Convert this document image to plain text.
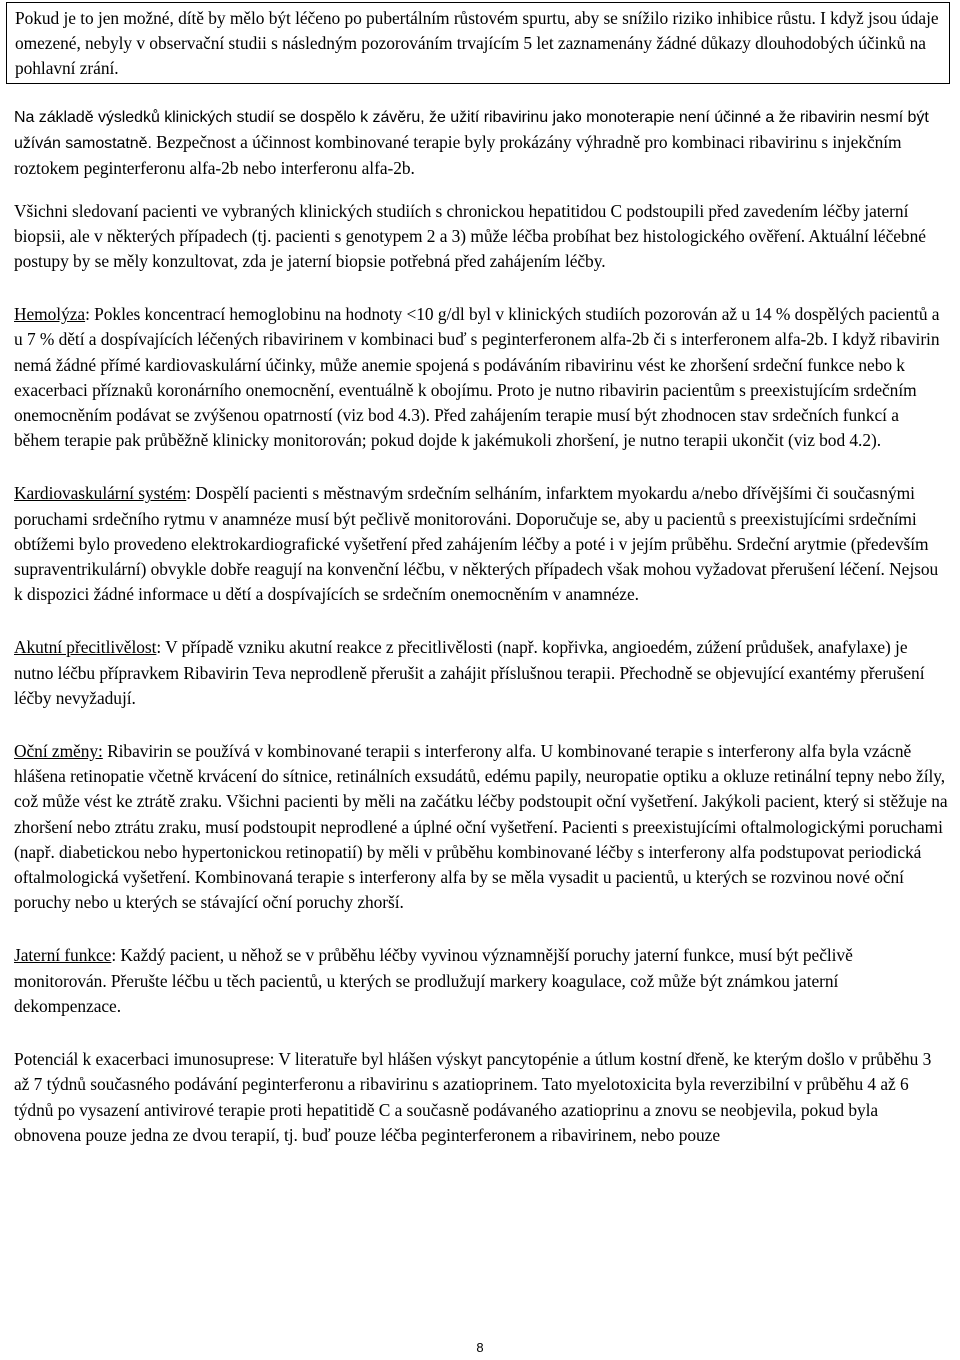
Pokud je to jen možné, dítě by mělo být léčeno po pubertálním růstovém spurtu, aby se snížilo riziko inhibice růstu. I když jsou údaje omezené, nebyly v observační studii s následným pozorováním trvajícím 5 let zaznamenány žádné důkazy dlouhodobých účinků na pohlavní zrání.

Na základě výsledků klinických studií se dospělo k závěru, že užití ribavirinu jako monoterapie není účinné a že ribavirin nesmí být užíván samostatně. Bezpečnost a účinnost kombinované terapie byly prokázány výhradně pro kombinaci ribavirinu s injekčním roztokem peginterferonu alfa-2b nebo interferonu alfa-2b.

Všichni sledovaní pacienti ve vybraných klinických studiích s chronickou hepatitidou C podstoupili před zavedením léčby jaterní biopsii, ale v některých případech (tj. pacienti s genotypem 2 a 3) může léčba probíhat bez histologického ověření. Aktuální léčebné postupy by se měly konzultovat, zda je jaterní biopsie potřebná před zahájením léčby.

Hemolýza: Pokles koncentrací hemoglobinu na hodnoty <10 g/dl byl v klinických studiích pozorován až u 14 % dospělých pacientů a u 7 % dětí a dospívajících léčených ribavirinem v kombinaci buď s peginterferonem alfa-2b či s interferonem alfa-2b. I když ribavirin nemá žádné přímé kardiovaskulární účinky, může anemie spojená s podáváním ribavirinu vést ke zhoršení srdeční funkce nebo k exacerbaci příznaků koronárního onemocnění, eventuálně k obojímu. Proto je nutno ribavirin pacientům s preexistujícím srdečním onemocněním podávat se zvýšenou opatrností (viz bod 4.3). Před zahájením terapie musí být zhodnocen stav srdečních funkcí a během terapie pak průběžně klinicky monitorován; pokud dojde k jakémukoli zhoršení, je nutno terapii ukončit (viz bod 4.2).

Kardiovaskulární systém: Dospělí pacienti s městnavým srdečním selháním, infarktem myokardu a/nebo dřívějšími či současnými poruchami srdečního rytmu v anamnéze musí být pečlivě monitorováni. Doporučuje se, aby u pacientů s preexistujícími srdečními obtížemi bylo provedeno elektrokardiografické vyšetření před zahájením léčby a poté i v jejím průběhu. Srdeční arytmie (především supraventrikulární) obvykle dobře reagují na konvenční léčbu, v některých případech však mohou vyžadovat přerušení léčení. Nejsou k dispozici žádné informace u dětí a dospívajících se srdečním onemocněním v anamnéze.

Akutní přecitlivělost: V případě vzniku akutní reakce z přecitlivělosti (např. kopřivka, angioedém, zúžení průdušek, anafylaxe) je nutno léčbu přípravkem Ribavirin Teva neprodleně přerušit a zahájit příslušnou terapii. Přechodně se objevující exantémy přerušení léčby nevyžadují.

Oční změny: Ribavirin se používá v kombinované terapii s interferony alfa. U kombinované terapie s interferony alfa byla vzácně hlášena retinopatie včetně krvácení do sítnice, retinálních exsudátů, edému papily, neuropatie optiku a okluze retinální tepny nebo žíly, což může vést ke ztrátě zraku. Všichni pacienti by měli na začátku léčby podstoupit oční vyšetření. Jakýkoli pacient, který si stěžuje na zhoršení nebo ztrátu zraku, musí podstoupit neprodlené a úplné oční vyšetření. Pacienti s preexistujícími oftalmologickými poruchami (např. diabetickou nebo hypertonickou retinopatií) by měli v průběhu kombinované léčby s interferony alfa podstupovat periodická oftalmologická vyšetření. Kombinovaná terapie s interferony alfa by se měla vysadit u pacientů, u kterých se rozvinou nové oční poruchy nebo u kterých se stávající oční poruchy zhorší.

Jaterní funkce: Každý pacient, u něhož se v průběhu léčby vyvinou významnější poruchy jaterní funkce, musí být pečlivě monitorován. Přerušte léčbu u těch pacientů, u kterých se prodlužují markery koagulace, což může být známkou jaterní dekompenzace.

Potenciál k exacerbaci imunosuprese: V literatuře byl hlášen výskyt pancytopénie a útlum kostní dřeně, ke kterým došlo v průběhu 3 až 7 týdnů současného podávání peginterferonu a ribavirinu s azatioprinem. Tato myelotoxicita byla reverzibilní v průběhu 4 až 6 týdnů po vysazení antivirové terapie proti hepatitidě C a současně podávaného azatioprinu a znovu se neobjevila, pokud byla obnovena pouze jedna ze dvou terapií, tj. buď pouze léčba peginterferonem a ribavirinem, nebo pouze

8
